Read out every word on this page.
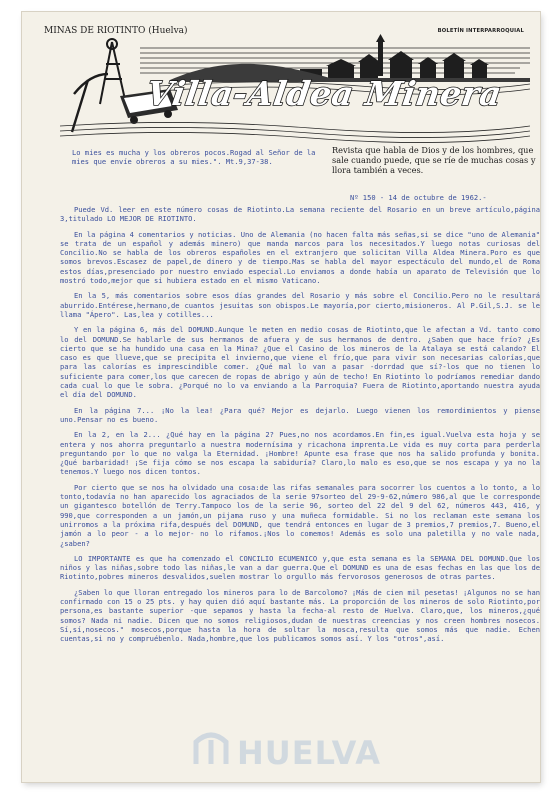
MINAS DE RIOTINTO (Huelva)	BOLETÍN INTERPARROQUIAL
Villa-Aldea Minera
Revista que habla de Dios y de los hombres, que sale cuando puede, que se ríe de muchas cosas y llora también a veces.
Lo mies es mucha y los obreros pocos.Rogad al Señor de la mies que envíe obreros a su mies.". Mt.9,37-38.
Nº 150 - 14 de octubre de 1962.-

Puede Vd. leer en este número cosas de Riotinto.La semana reciente del Rosario en un breve artículo,página 3,titulado LO MEJOR DE RIOTINTO.

En la página 4 comentarios y noticias. Uno de Alemania (no hacen falta más señas,si se dice "uno de Alemania" se trata de un español y además minero) que manda marcos para los necesitados.Y luego notas curiosas del Concilio.No se habla de los obreros españoles en el extranjero que solicitan Villa Aldea Minera.Poro es que somos brevos.Escasez de papel,de dinero y de tiempo.Mas se habla del mayor espectáculo del mundo,el de Roma estos días,presenciado por nuestro enviado especial.Lo enviamos a donde había un aparato de Televisión que lo mostró todo,mejor que si hubiera estado en el mismo Vaticano.

En la 5, más comentarios sobre esos días grandes del Rosario y más sobre el Concilio.Pero no le resultará aburrido.Entérese,hermano,de cuantos jesuitas son obispos.Le mayoría,por cierto,misioneros. Al P.Gil,S.J. se le llama "Ápero". Las,lea y cotilles...

Y en la página 6, más del DOMUND.Aunque le meten en medio cosas de Riotinto,que le afectan a Vd. tanto como lo del DOMUND.Se hablarle de sus hermanos de afuera y de sus hermanos de dentro. ¿Saben que hace frío? ¿Es cierto que se ha hundido una casa en la Mina? ¿Que el Casino de los mineros de la Atalaya se está calando? El caso es que llueve,que se precipita el invierno,que viene el frío,que para vivir son necesarias calorías,que para las calorías es imprescindible comer. ¿Qué mal lo van a pasar -dorrdad que sí?-los que no tienen lo suficiente para comer,los que carecen de ropas de abrigo y aún de techo! En Riotinto lo podríamos remediar dando cada cual lo que le sobra. ¿Porqué no lo va enviando a la Parroquia? Fuera de Riotinto,aportando nuestra ayuda el día del DOMUND.

En la página 7... ¡No la lea! ¿Para qué? Mejor es dejarlo. Luego vienen los remordimientos y piense uno.Pensar no es bueno.

En la 2, en la 2... ¿Qué hay en la página 2? Pues,no nos acordamos.En fin,es igual.Vuelva esta hoja y se entera y nos ahorra preguntarlo a nuestra modernísima y ricachona imprenta.Le vida es muy corta para perderla preguntando por lo que no valga la Eternidad. ¡Hombre! Apunte esa frase que nos ha salido profunda y bonita. ¿Qué barbaridad! ¡Se fija cómo se nos escapa la sabiduría? Claro,lo malo es eso,que se nos escapa y ya no la tenemos.Y luego nos dicen tontos.

Por cierto que se nos ha olvidado una cosa:de las rifas semanales para socorrer los cuentos a lo tonto, a lo tonto,todavía no han aparecido los agraciados de la serie 97sorteo del 29-9-62,número 986,al que le corresponde un gigantesco botellón de Terry.Tampoco los de la serie 96, sorteo del 22 del 9 del 62, números 443, 416, y 990,que corresponden a un jamón,un pijama ruso y una muñeca formidable. Si no los reclaman este semana los unirromos a la próxima rifa,después del DOMUND, que tendrá entonces en lugar de 3 premios,7 premios,7. Bueno,el jamón a lo peor - a lo mejor- no lo rifamos.¡Nos lo comemos! Además es solo una paletilla y no vale nada, ¿saben?

LO IMPORTANTE es que ha comenzado el CONCILIO ECUMENICO y,que esta semana es la SEMANA DEL DOMUND.Que los niños y las niñas,sobre todo las niñas,le van a dar guerra.Que el DOMUND es una de esas fechas en las que los de Riotinto,pobres mineros desvalidos,suelen mostrar lo orgullo más fervorosos generosos de otras partes.

¿Saben lo que lloran entregado los mineros para lo de Barcolomo? ¡Más de cien mil pesetas! ¡Algunos no se han confirmado con 15 o 25 pts. y hay quien dió aquí bastante más. La proporción de los mineros de solo Riotinto,por persona,es bastante superior -que sepamos y hasta la fecha-al resto de Huelva. Claro,que, los mineros,¿qué somos? Nada ni nadie. Dicen que no somos religiosos,dudan de nuestras creencias y nos creen hombres nosecos. Sí,sí,nosecos." mosecos,porque hasta la hora de soltar la mosca,resulta que somos más que nadie. Echen cuentas,si no y compruébenlo. Nada,hombre,que los publicamos somos así. Y los "otros",así.

HUELVA
